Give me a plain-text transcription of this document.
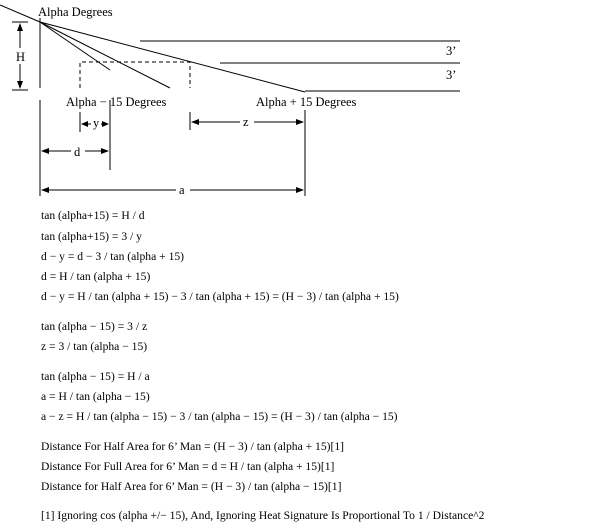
Alpha Degrees
H	3’
3’
Alpha − 15 Degrees	Alpha + 15 Degrees
y	z
d
a
tan (alpha+15) = H / d
tan (alpha+15) = 3 / y
d − y = d − 3 / tan (alpha + 15)
d = H / tan (alpha + 15)
d − y = H / tan (alpha + 15) − 3 / tan (alpha + 15) = (H − 3) / tan (alpha + 15)
tan (alpha − 15) = 3 / z
z = 3 / tan (alpha − 15)
tan (alpha − 15) = H / a
a = H / tan (alpha − 15)
a − z = H / tan (alpha − 15) − 3 / tan (alpha − 15) = (H − 3) / tan (alpha − 15)
Distance For Half Area for 6’ Man = (H − 3) / tan (alpha + 15)[1]
Distance For Full Area for 6’ Man = d = H / tan (alpha + 15)[1]
Distance for Half Area for 6’ Man = (H − 3) / tan (alpha − 15)[1]
[1] Ignoring cos (alpha +/− 15), And, Ignoring Heat Signature Is Proportional To 1 / Distance^2
